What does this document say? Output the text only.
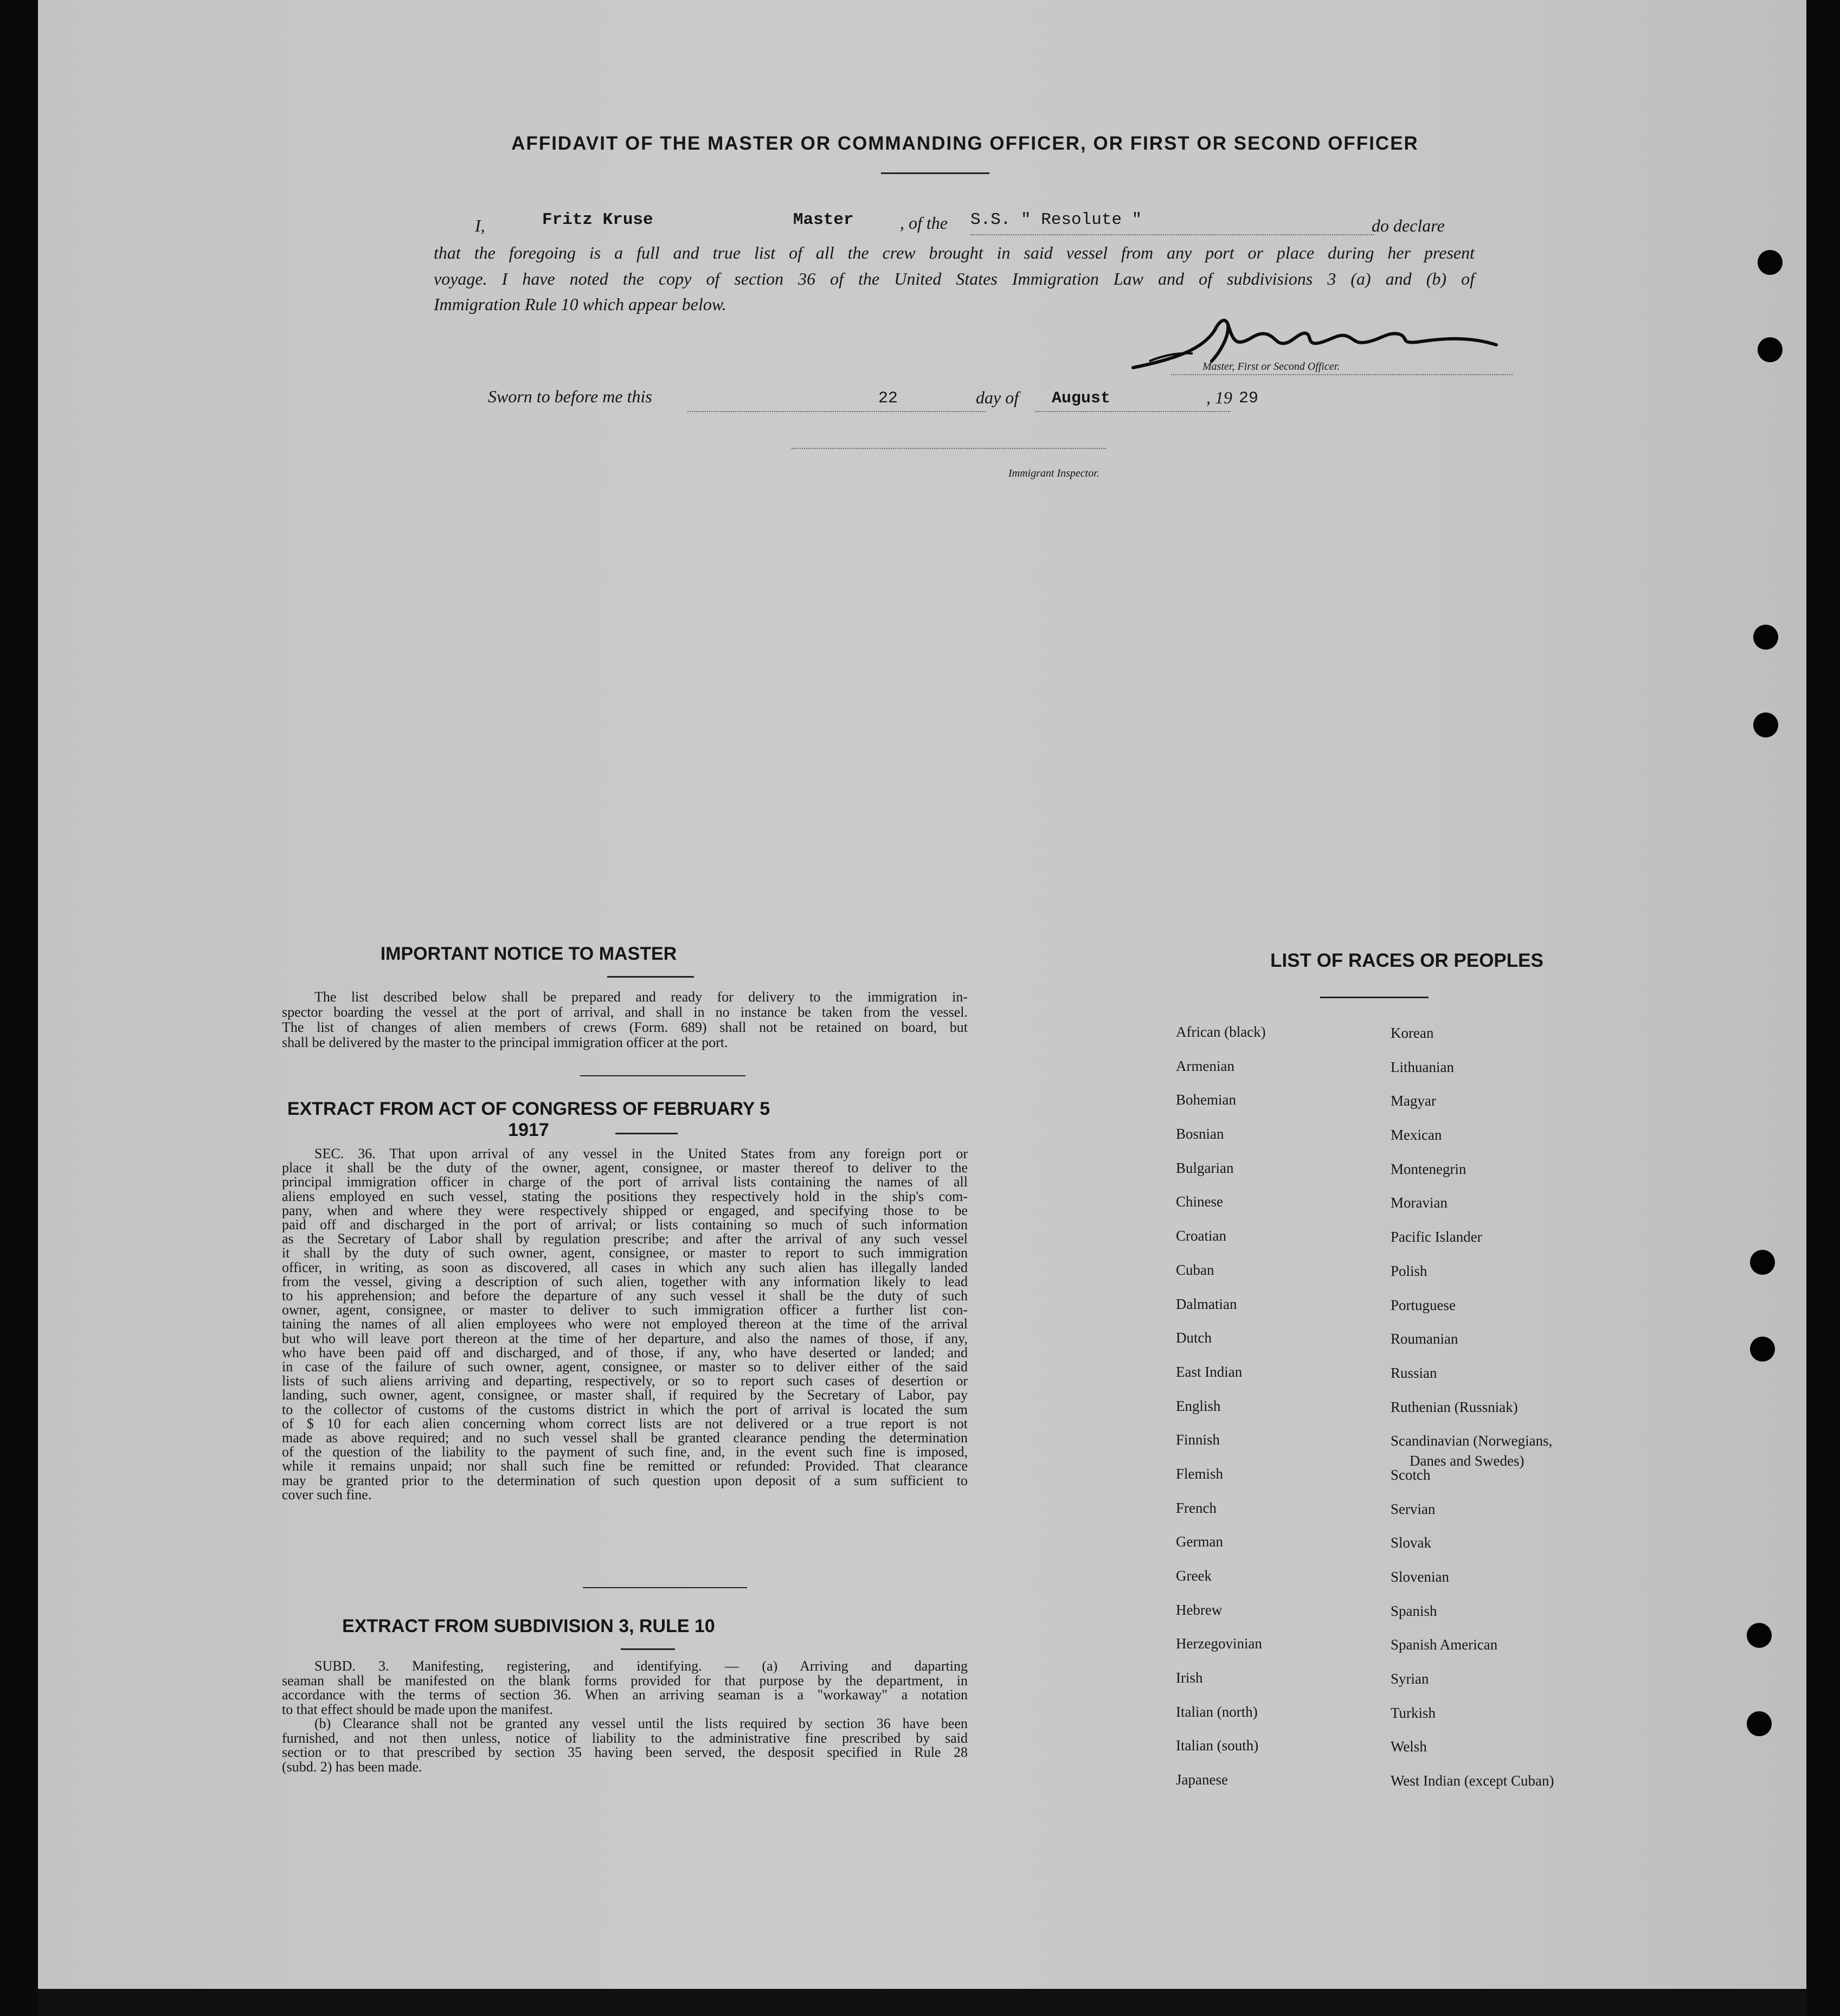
AFFIDAVIT OF THE MASTER OR COMMANDING OFFICER, OR FIRST OR SECOND OFFICER
I,	Fritz Kruse	Master	, of the S.S. " Resolute "	do declare
that the foregoing is a full and true list of all the crew brought in said vessel from any port or place during her present
voyage. I have noted the copy of section 36 of the United States Immigration Law and of subdivisions 3 (a) and (b) of
Immigration Rule 10 which appear below.
Master, First or Second Officer.
Sworn to before me this	22	day of August	, 19 29
Immigrant Inspector.
IMPORTANT NOTICE TO MASTER
The list described below shall be prepared and ready for delivery to the immigration in-
spector boarding the vessel at the port of arrival, and shall in no instance be taken from the vessel.
The list of changes of alien members of crews (Form. 689) shall not be retained on board, but
shall be delivered by the master to the principal immigration officer at the port.
EXTRACT FROM ACT OF CONGRESS OF FEBRUARY 5 1917
SEC. 36. That upon arrival of any vessel in the United States from any foreign port or
place it shall be the duty of the owner, agent, consignee, or master thereof to deliver to the
principal immigration officer in charge of the port of arrival lists containing the names of all
aliens employed en such vessel, stating the positions they respectively hold in the ship's com-
pany, when and where they were respectively shipped or engaged, and specifying those to be
paid off and discharged in the port of arrival; or lists containing so much of such information
as the Secretary of Labor shall by regulation prescribe; and after the arrival of any such vessel
it shall by the duty of such owner, agent, consignee, or master to report to such immigration
officer, in writing, as soon as discovered, all cases in which any such alien has illegally landed
from the vessel, giving a description of such alien, together with any information likely to lead
to his apprehension; and before the departure of any such vessel it shall be the duty of such
owner, agent, consignee, or master to deliver to such immigration officer a further list con-
taining the names of all alien employees who were not employed thereon at the time of the arrival
but who will leave port thereon at the time of her departure, and also the names of those, if any,
who have been paid off and discharged, and of those, if any, who have deserted or landed; and
in case of the failure of such owner, agent, consignee, or master so to deliver either of the said
lists of such aliens arriving and departing, respectively, or so to report such cases of desertion or
landing, such owner, agent, consignee, or master shall, if required by the Secretary of Labor, pay
to the collector of customs of the customs district in which the port of arrival is located the sum
of $ 10 for each alien concerning whom correct lists are not delivered or a true report is not
made as above required; and no such vessel shall be granted clearance pending the determination
of the question of the liability to the payment of such fine, and, in the event such fine is imposed,
while it remains unpaid; nor shall such fine be remitted or refunded: Provided. That clearance
may be granted prior to the determination of such question upon deposit of a sum sufficient to
cover such fine.
EXTRACT FROM SUBDIVISION 3, RULE 10
SUBD. 3. Manifesting, registering, and identifying. — (a) Arriving and daparting
seaman shall be manifested on the blank forms provided for that purpose by the department, in
accordance with the terms of section 36. When an arriving seaman is a "workaway" a notation
to that effect should be made upon the manifest.
(b) Clearance shall not be granted any vessel until the lists required by section 36 have been
furnished, and not then unless, notice of liability to the administrative fine prescribed by said
section or to that prescribed by section 35 having been served, the desposit specified in Rule 28
(subd. 2) has been made.
LIST OF RACES OR PEOPLES
African (black)
Armenian
Bohemian
Bosnian
Bulgarian
Chinese
Croatian
Cuban
Dalmatian
Dutch
East Indian
English
Finnish
Flemish
French
German
Greek
Hebrew
Herzegovinian
Irish
Italian (north)
Italian (south)
Japanese
Korean
Lithuanian
Magyar
Mexican
Montenegrin
Moravian
Pacific Islander
Polish
Portuguese
Roumanian
Russian
Ruthenian (Russniak)
Scandinavian (Norwegians,
Scotch
Servian
Slovak
Slovenian
Spanish
Spanish American
Syrian
Turkish
Welsh
West Indian (except Cuban)
Danes and Swedes)
